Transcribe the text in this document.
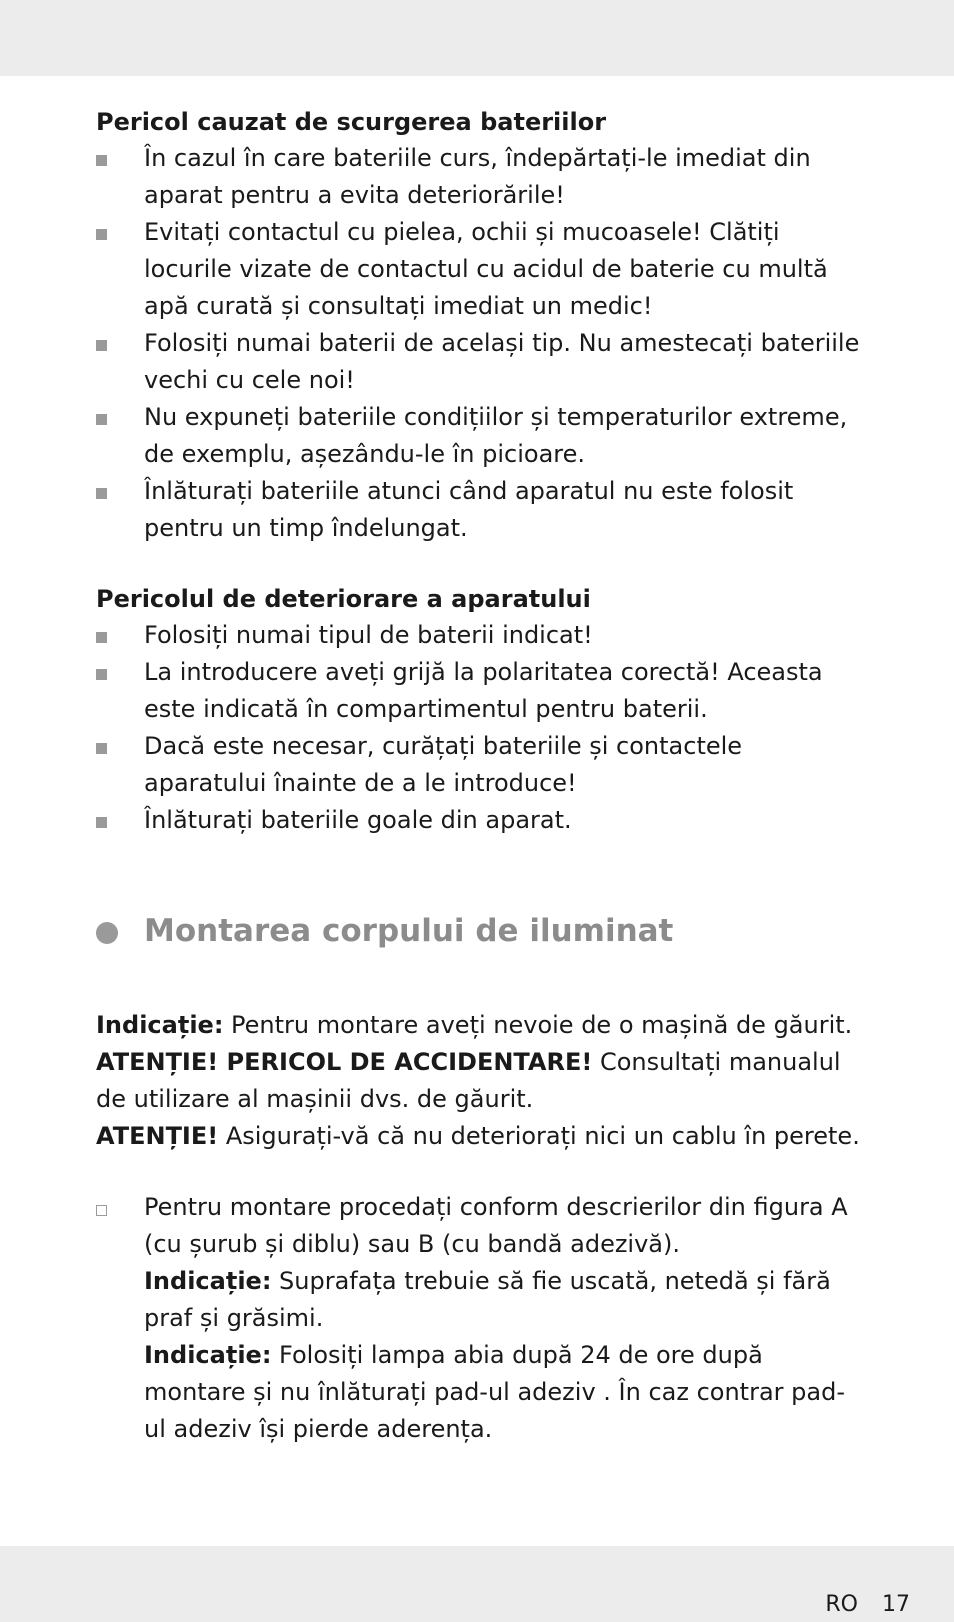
Pericol cauzat de scurgerea bateriilor
În cazul în care bateriile curs, îndepărtați-le imediat din aparat pentru a evita deteriorările!
Evitați contactul cu pielea, ochii și mucoasele! Clătiți locurile vizate de contactul cu acidul de baterie cu multă apă curată și consultați imediat un medic!
Folosiți numai baterii de același tip. Nu amestecați bateriile vechi cu cele noi!
Nu expuneți bateriile condițiilor și temperaturilor extreme, de exemplu, așezându-le în picioare.
Înlăturați bateriile atunci când aparatul nu este folosit pentru un timp îndelungat.
Pericolul de deteriorare a aparatului
Folosiți numai tipul de baterii indicat!
La introducere aveți grijă la polaritatea corectă! Aceasta este indicată în compartimentul pentru baterii.
Dacă este necesar, curățați bateriile și contactele aparatului înainte de a le introduce!
Înlăturați bateriile goale din aparat.
Montarea corpului de iluminat

Indicație: Pentru montare aveți nevoie de o mașină de găurit.

ATENȚIE! PERICOL DE ACCIDENTARE! Consultați manualul de utilizare al mașinii dvs. de găurit.

ATENȚIE! Asigurați-vă că nu deteriorați nici un cablu în perete.

Pentru montare procedați conform descrierilor din figura A (cu șurub și diblu) sau B (cu bandă adezivă).
Indicație: Suprafața trebuie să fie uscată, netedă și fără praf și grăsimi.
Indicație: Folosiți lampa abia după 24 de ore după montare și nu înlăturați pad-ul adeziv . În caz contrar pad-ul adeziv își pierde aderența.
RO 17
